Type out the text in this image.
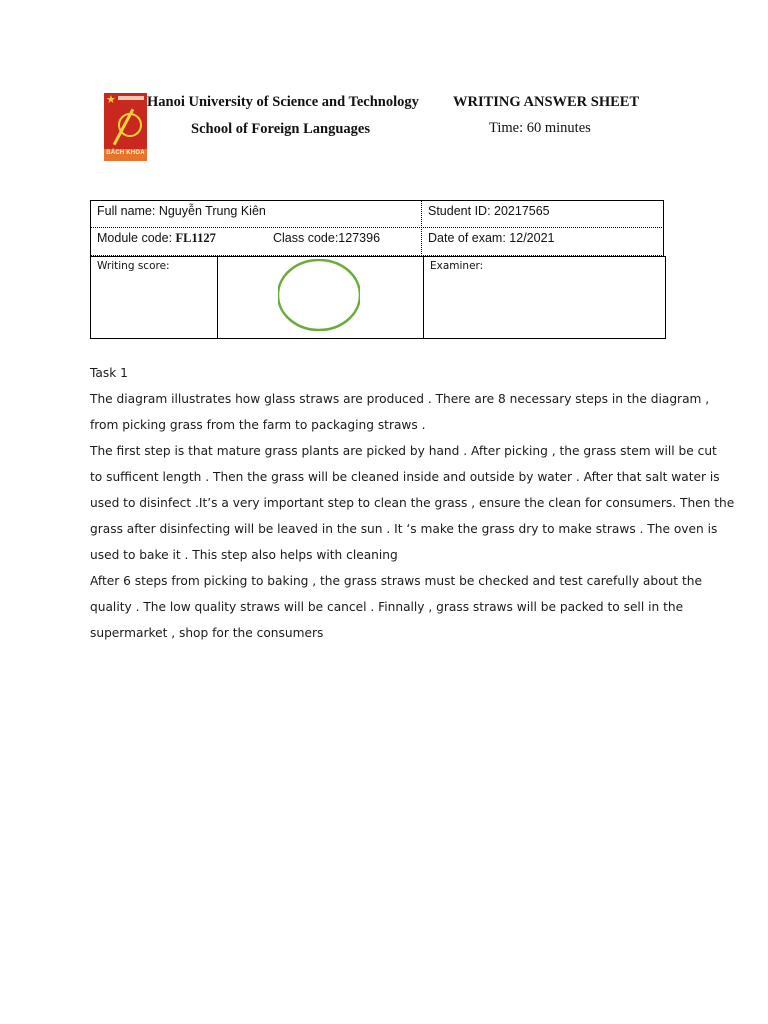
★
BÁCH KHOA
Hanoi University of Science and Technology
School of Foreign Languages
WRITING ANSWER SHEET
Time: 60 minutes
Full name: Nguyễn Trung Kiên	Student ID: 20217565
Module code: FL1127	Class code:127396	Date of exam: 12/2021
Writing score:	Examiner:
Task 1
The diagram illustrates how glass straws are produced . There are 8 necessary steps in the diagram ,
from picking grass from the farm to packaging straws .
The first step is that mature grass plants are picked by hand . After picking , the grass stem will be cut
to sufficent length . Then the grass will be cleaned inside and outside by water . After that salt water is
used to disinfect .It’s a very important step to clean the grass , ensure the clean for consumers. Then the
grass after disinfecting will be leaved in the sun . It ‘s make the grass dry to make straws . The oven is
used to bake it . This step also helps with cleaning
After 6 steps from picking to baking , the grass straws must be checked and test carefully about the
quality . The low quality straws will be cancel . Finnally , grass straws will be packed to sell in the
supermarket , shop for the consumers
